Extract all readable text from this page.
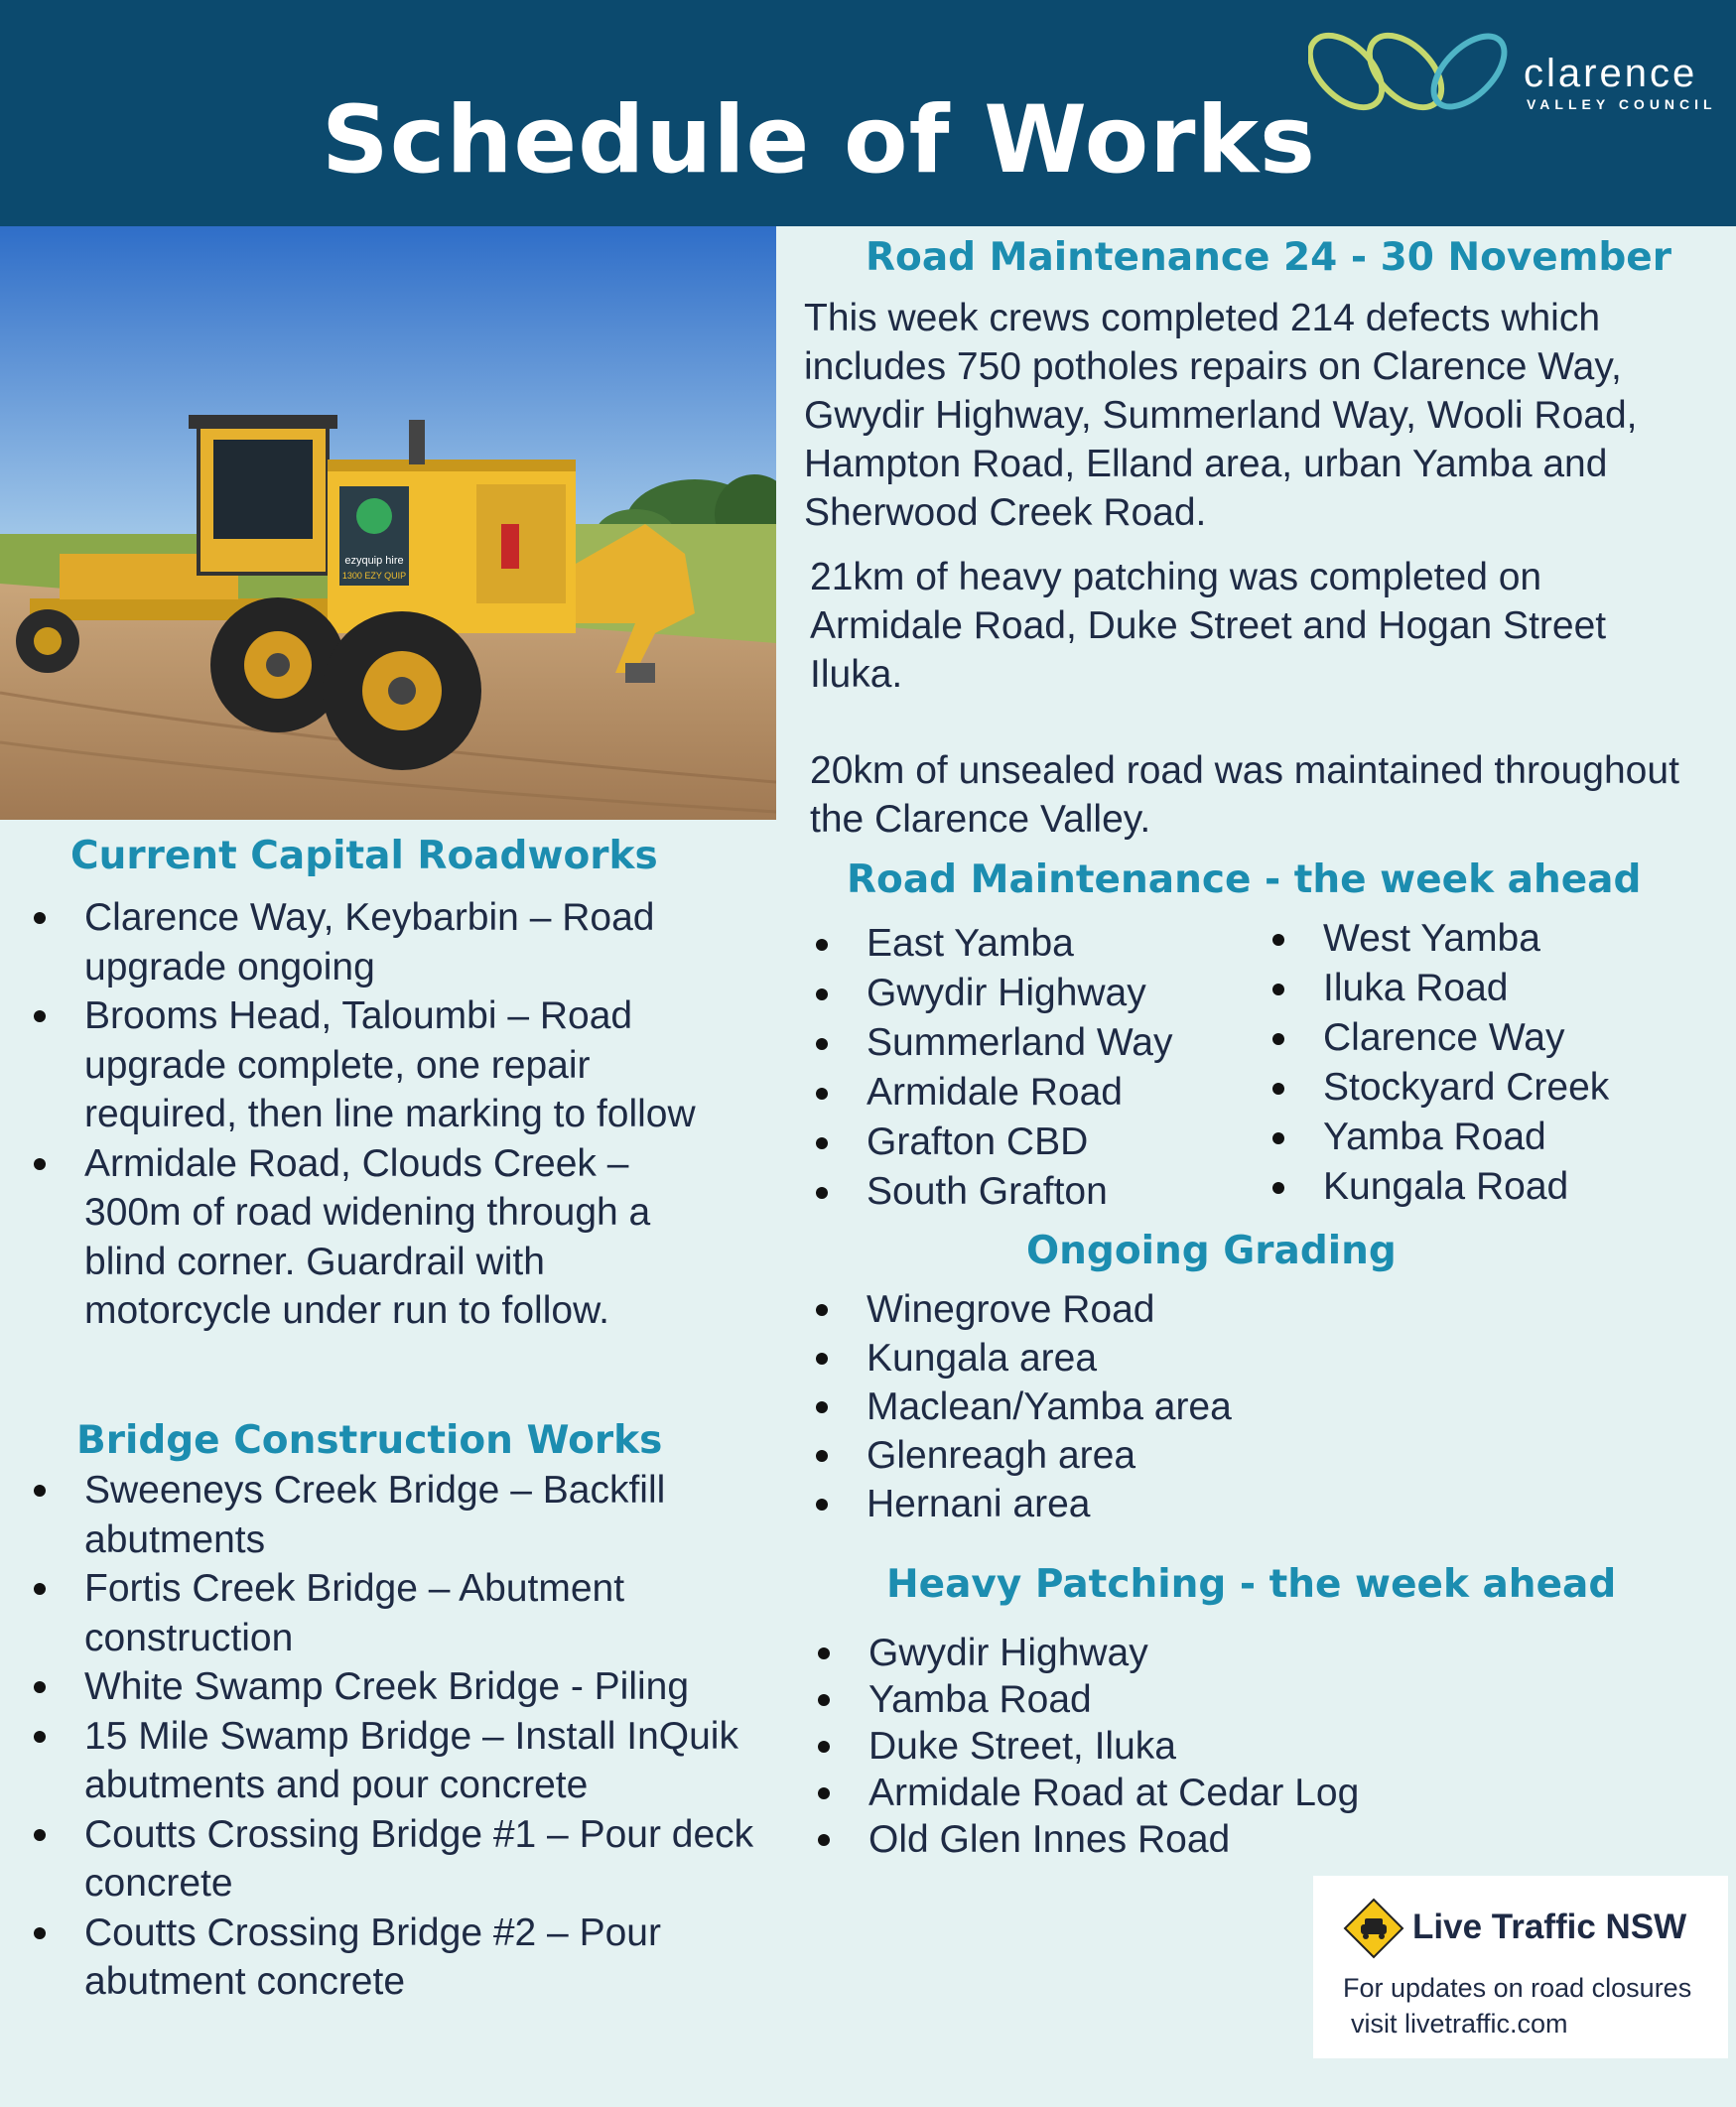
clarence
VALLEY COUNCIL
Schedule of Works
ezyquip hire
1300 EZY QUIP
Road Maintenance 24 - 30 November

This week crews completed 214 defects which includes 750 potholes repairs on Clarence Way, Gwydir Highway, Summerland Way, Wooli Road, Hampton Road, Elland area, urban Yamba and Sherwood Creek Road.

21km of heavy patching was completed on Armidale Road, Duke Street and Hogan Street Iluka.

20km of unsealed road was maintained throughout the Clarence Valley.

Road Maintenance - the week ahead
East Yamba
Gwydir Highway
Summerland Way
Armidale Road
Grafton CBD
South Grafton
West Yamba
Iluka Road
Clarence Way
Stockyard Creek
Yamba Road
Kungala Road
Ongoing Grading
Winegrove Road
Kungala area
Maclean/Yamba area
Glenreagh area
Hernani area
Heavy Patching - the week ahead
Gwydir Highway
Yamba Road
Duke Street, Iluka
Armidale Road at Cedar Log
Old Glen Innes Road
Current Capital Roadworks
Clarence Way, Keybarbin – Road upgrade ongoing
Brooms Head, Taloumbi – Road upgrade complete, one repair required, then line marking to follow
Armidale Road, Clouds Creek – 300m of road widening through a blind corner. Guardrail with motorcycle under run to follow.
Bridge Construction Works
Sweeneys Creek Bridge – Backfill abutments
Fortis Creek Bridge – Abutment construction
White Swamp Creek Bridge - Piling
15 Mile Swamp Bridge – Install InQuik abutments and pour concrete
Coutts Crossing Bridge #1 – Pour deck concrete
Coutts Crossing Bridge #2 – Pour abutment concrete
Live Traffic NSW
For updates on road closures
visit livetraffic.com
